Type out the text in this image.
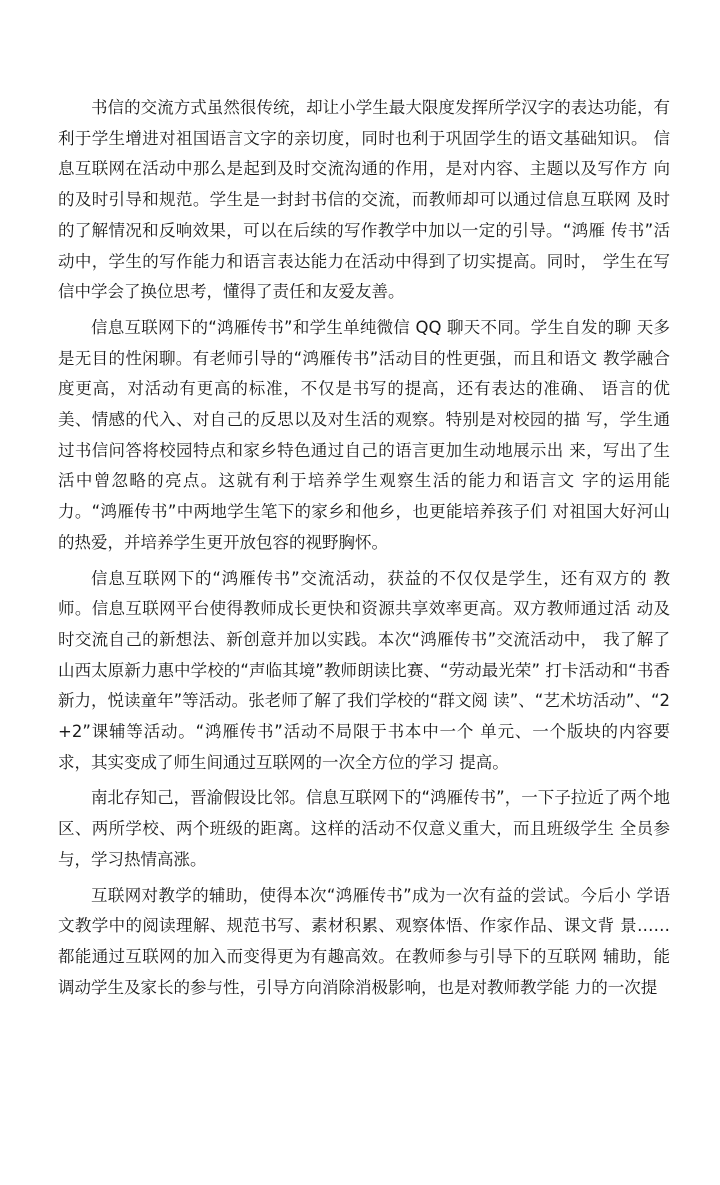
书信的交流方式虽然很传统，却让小学生最大限度发挥所学汉字的表达功能，有利于学生增进对祖国语言文字的亲切度，同时也利于巩固学生的语文基础知识。 信息互联网在活动中那么是起到及时交流沟通的作用，是对内容、主题以及写作方 向的及时引导和规范。学生是一封封书信的交流，而教师却可以通过信息互联网 及时的了解情况和反响效果，可以在后续的写作教学中加以一定的引导。“鸿雁 传书”活动中，学生的写作能力和语言表达能力在活动中得到了切实提高。同时， 学生在写信中学会了换位思考，懂得了责任和友爱友善。

信息互联网下的“鸿雁传书”和学生单纯微信 QQ 聊天不同。学生自发的聊 天多是无目的性闲聊。有老师引导的“鸿雁传书”活动目的性更强，而且和语文 教学融合度更高，对活动有更高的标准，不仅是书写的提高，还有表达的准确、 语言的优美、情感的代入、对自己的反思以及对生活的观察。特别是对校园的描 写，学生通过书信问答将校园特点和家乡特色通过自己的语言更加生动地展示出 来，写出了生活中曾忽略的亮点。这就有利于培养学生观察生活的能力和语言文 字的运用能力。“鸿雁传书”中两地学生笔下的家乡和他乡，也更能培养孩子们 对祖国大好河山的热爱，并培养学生更开放包容的视野胸怀。

信息互联网下的“鸿雁传书”交流活动，获益的不仅仅是学生，还有双方的 教师。信息互联网平台使得教师成长更快和资源共享效率更高。双方教师通过活 动及时交流自己的新想法、新创意并加以实践。本次“鸿雁传书”交流活动中， 我了解了山西太原新力惠中学校的“声临其境”教师朗读比赛、“劳动最光荣” 打卡活动和“书香新力，悦读童年”等活动。张老师了解了我们学校的“群文阅 读”、“艺术坊活动”、“2+2”课辅等活动。“鸿雁传书”活动不局限于书本中一个 单元、一个版块的内容要求，其实变成了师生间通过互联网的一次全方位的学习 提高。

南北存知己，晋渝假设比邻。信息互联网下的“鸿雁传书”，一下子拉近了两个地区、两所学校、两个班级的距离。这样的活动不仅意义重大，而且班级学生 全员参与，学习热情高涨。

互联网对教学的辅助，使得本次“鸿雁传书”成为一次有益的尝试。今后小 学语文教学中的阅读理解、规范书写、素材积累、观察体悟、作家作品、课文背 景……都能通过互联网的加入而变得更为有趣高效。在教师参与引导下的互联网 辅助，能调动学生及家长的参与性，引导方向消除消极影响，也是对教师教学能 力的一次提
